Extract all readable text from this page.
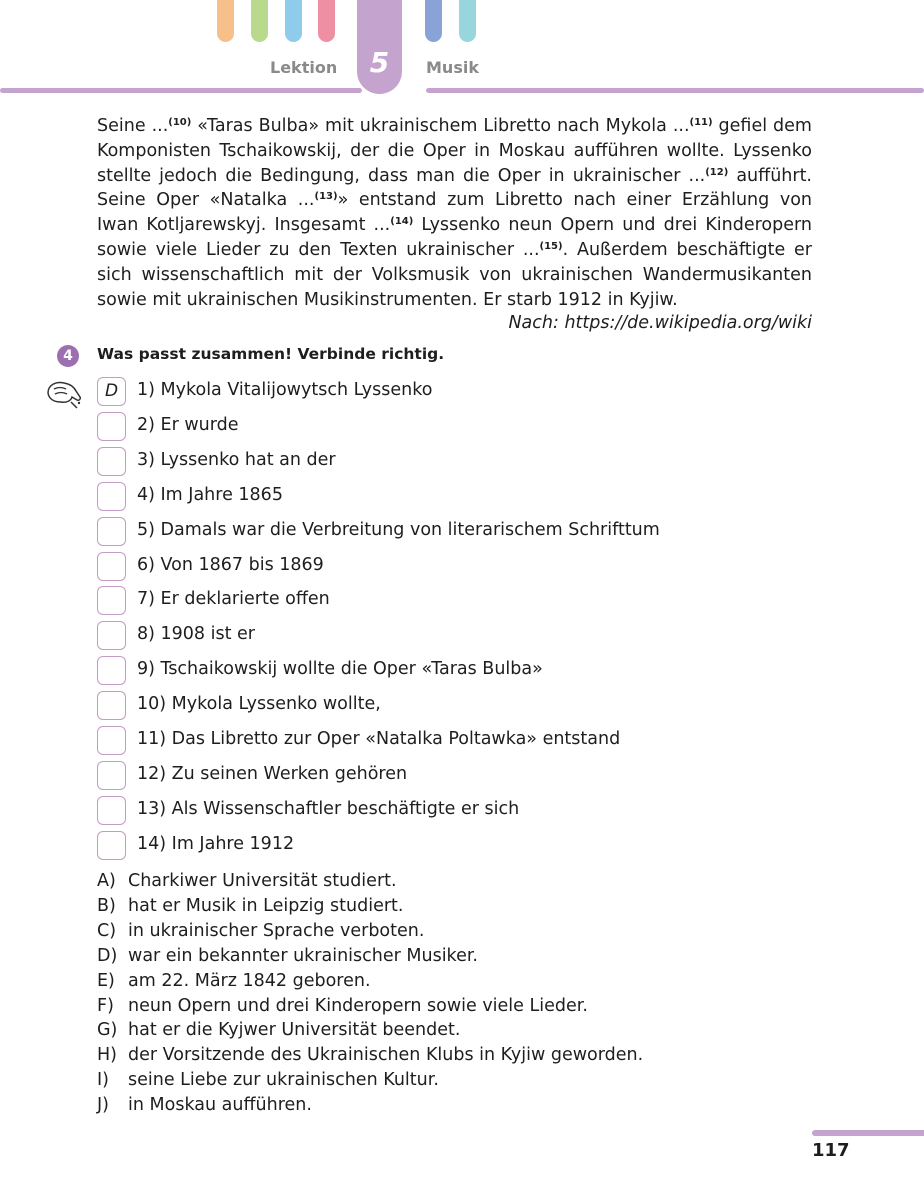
5
Lektion	Musik
Seine ...$^{(10)}$ «Taras Bulba» mit ukrainischem Libretto nach Mykola ...$^{(11)}$ gefiel dem
Komponisten Tschaikowskij, der die Oper in Moskau aufführen wollte. Lyssenko
stellte jedoch die Bedingung, dass man die Oper in ukrainischer ...$^{(12)}$ aufführt.
Seine Oper «Natalka ...$^{(13)}$» entstand zum Libretto nach einer Erzählung von
Iwan Kotljarewskyj. Insgesamt ...$^{(14)}$ Lyssenko neun Opern und drei Kinderopern
sowie viele Lieder zu den Texten ukrainischer ...$^{(15)}$. Außerdem beschäftigte er
sich wissenschaftlich mit der Volksmusik von ukrainischen Wandermusikanten
sowie mit ukrainischen Musikinstrumenten. Er starb 1912 in Kyjiw.
Nach: https://de.wikipedia.org/wiki
4	Was passt zusammen! Verbinde richtig.
D	1) Mykola Vitalijowytsch Lyssenko
2) Er wurde
3) Lyssenko hat an der
4) Im Jahre 1865
5) Damals war die Verbreitung von literarischem Schrifttum
6) Von 1867 bis 1869
7) Er deklarierte offen
8) 1908 ist er
9) Tschaikowskij wollte die Oper «Taras Bulba»
10) Mykola Lyssenko wollte,
11) Das Libretto zur Oper «Natalka Poltawka» entstand
12) Zu seinen Werken gehören
13) Als Wissenschaftler beschäftigte er sich
14) Im Jahre 1912
A) Charkiwer Universität studiert.
B) hat er Musik in Leipzig studiert.
C) in ukrainischer Sprache verboten.
D) war ein bekannter ukrainischer Musiker.
E) am 22. März 1842 geboren.
F) neun Opern und drei Kinderopern sowie viele Lieder.
G) hat er die Kyjwer Universität beendet.
H) der Vorsitzende des Ukrainischen Klubs in Kyjiw geworden.
I) seine Liebe zur ukrainischen Kultur.
J) in Moskau aufführen.
117
